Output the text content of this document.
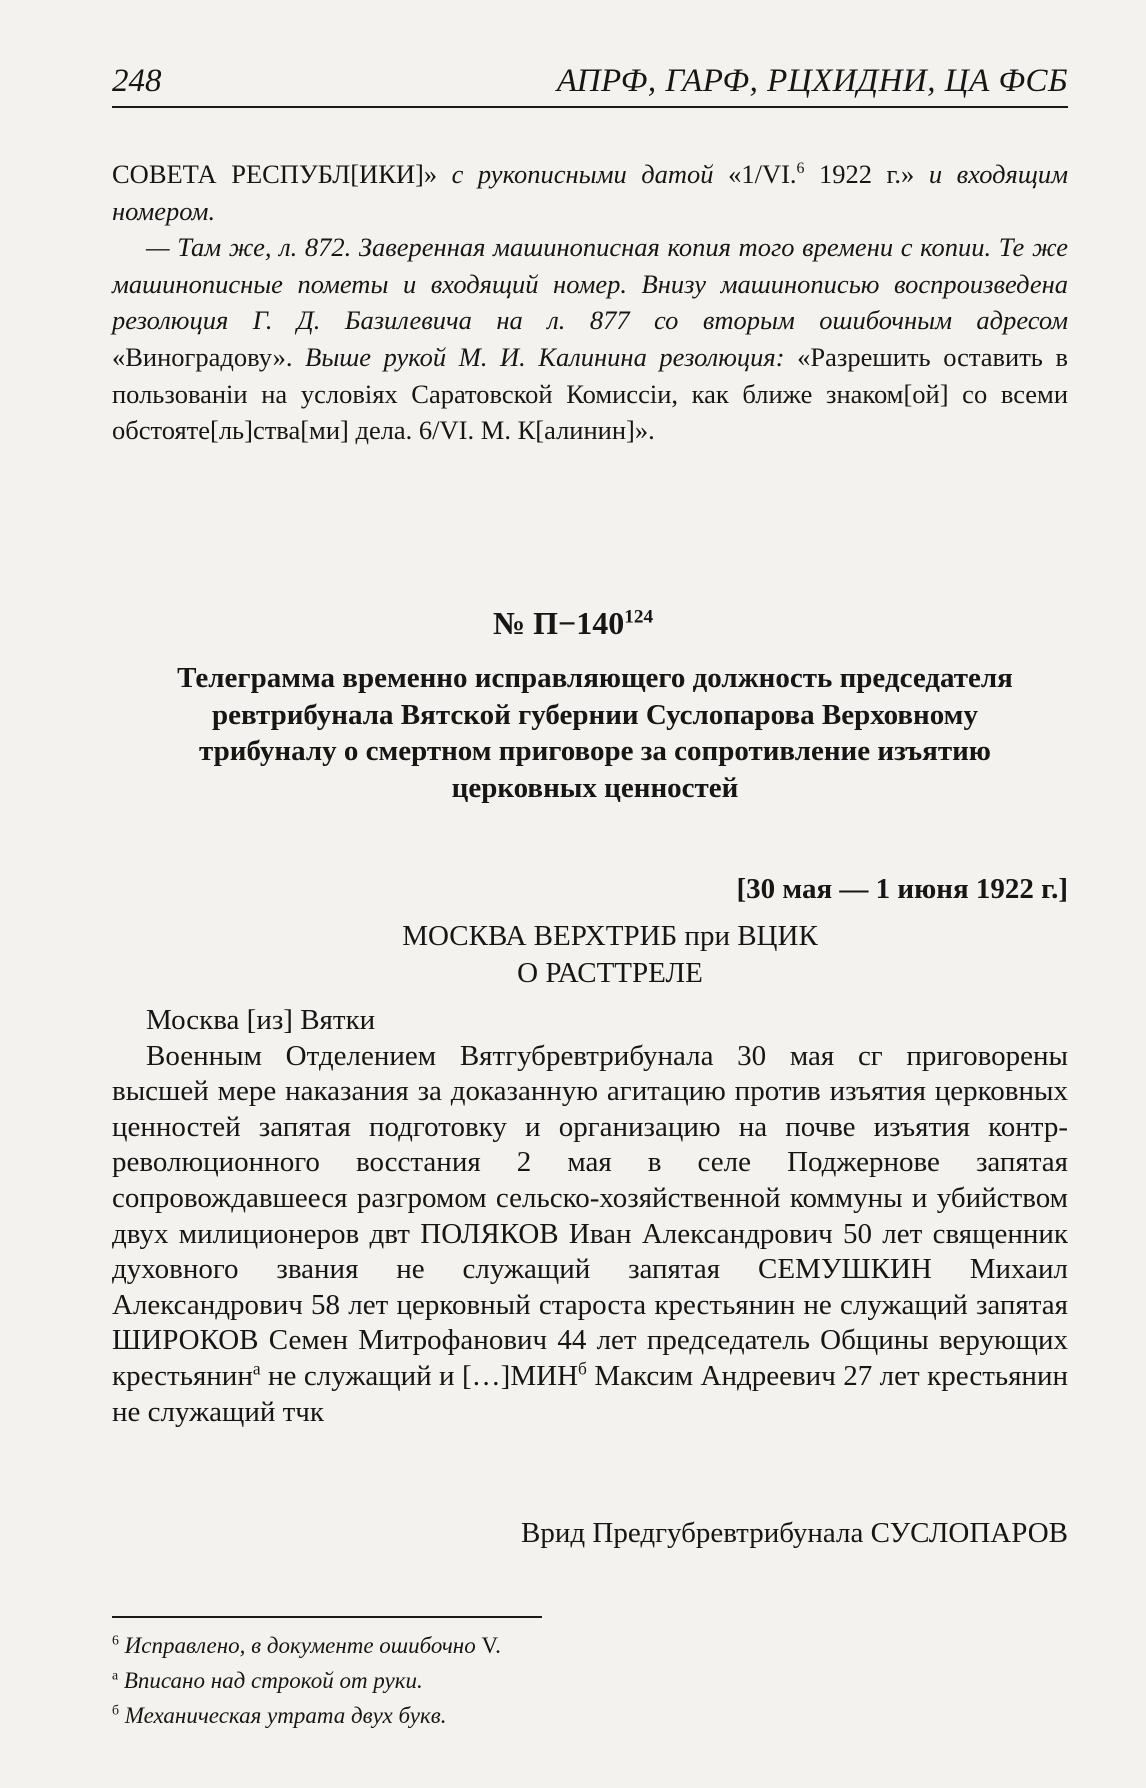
248	АПРФ, ГАРФ, РЦХИДНИ, ЦА ФСБ

СОВЕТА РЕСПУБЛ[ИКИ]» с рукописными датой «1/VI.$^6$ 1922 г.» и входящим номером.

— Там же, л. 872. Заверенная машинописная копия того времени с копии. Те же машинописные пометы и входящий номер. Внизу машинописью воспроизведена резолюция Г. Д. Базилевича на л. 877 со вторым ошибочным адресом «Виноградову». Выше рукой М. И. Калинина резолюция: «Разрешить оставить в пользованiи на условiях Саратовской Комиссiи, как ближе знаком[ой] со всеми обстояте[ль]ства[ми] дела. 6/VI. М. К[алинин]».

№ $П-140^{124}$
Телеграмма временно исправляющего должность председателя ревтрибунала Вятской губернии Суслопарова Верховному трибуналу о смертном приговоре за сопротивление изъятию церковных ценностей
[30 мая — 1 июня 1922 г.]
МОСКВА ВЕРХТРИБ при ВЦИК
О РАСТТРЕЛЕ

Москва [из] Вятки

Военным Отделением Вятгубревтрибунала 30 мая сг приговорены высшей мере наказания за доказанную агитацию против изъятия церковных ценностей запятая подготовку и организацию на почве изъятия контр-революционного восстания 2 мая в селе Поджернове запятая сопровождавшееся разгромом сельско-хозяйственной коммуны и убийством двух милиционеров двт ПОЛЯКОВ Иван Александрович 50 лет священник духовного звания не служащий запятая СЕМУШКИН Михаил Александрович 58 лет церковный староста крестьянин не служащий запятая ШИРОКОВ Семен Митрофанович 44 лет председатель Общины верующих крестьянин$^а$ не служащий и $[\dots]МИН^б$ Максим Андреевич 27 лет крестьянин не служащий тчк

Врид Предгубревтрибунала СУСЛОПАРОВ
$^6$ Исправлено, в документе ошибочно V.
$^а$ Вписано над строкой от руки.
$^б$ Механическая утрата двух букв.
